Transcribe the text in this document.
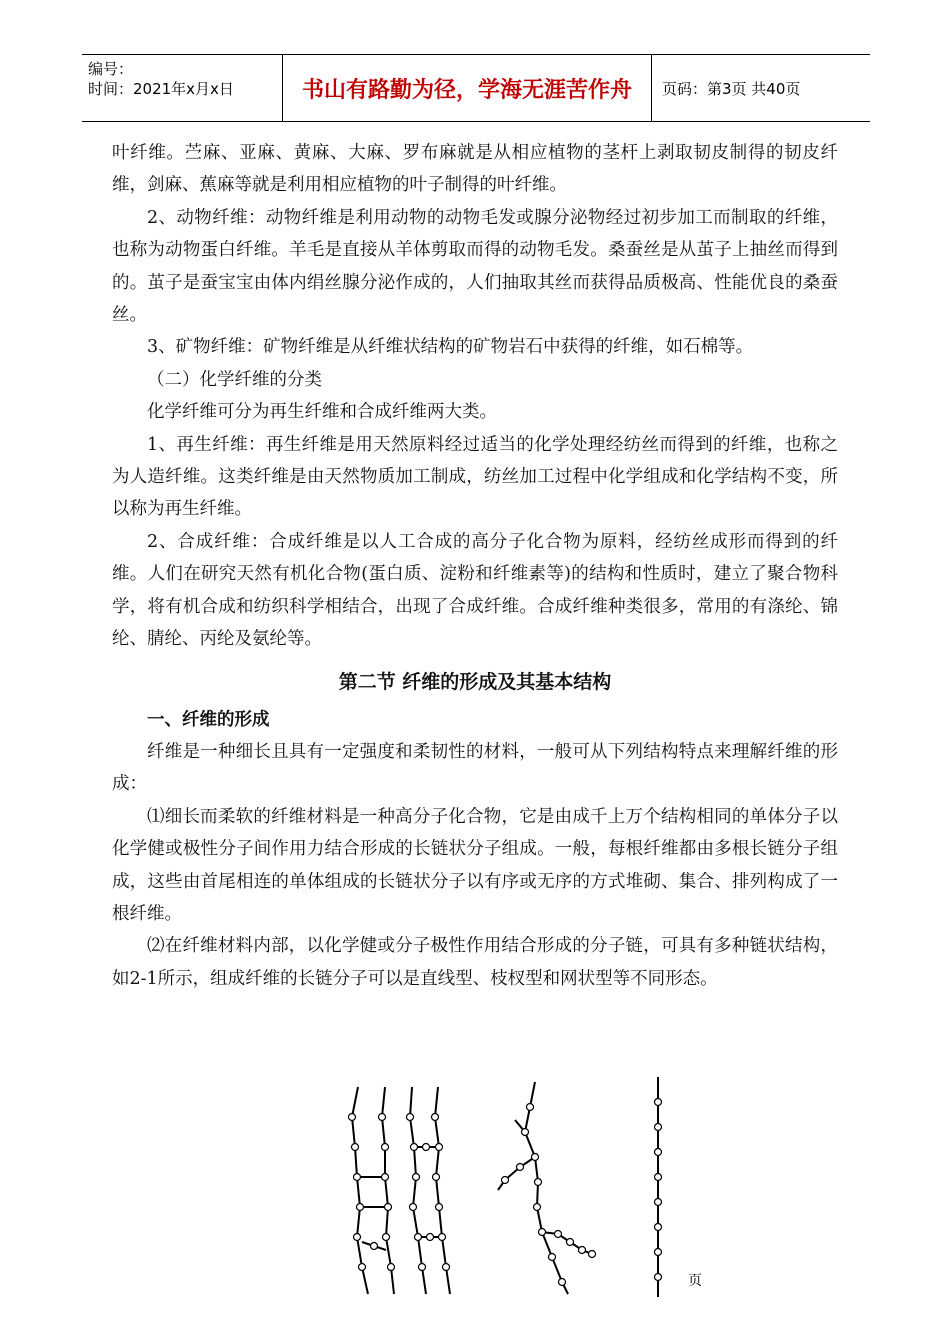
编号：
时间：2021年x月x日	书山有路勤为径，学海无涯苦作舟	页码：第3页 共40页

叶纤维。苎麻、亚麻、黄麻、大麻、罗布麻就是从相应植物的茎杆上剥取韧皮制得的韧皮纤维，剑麻、蕉麻等就是利用相应植物的叶子制得的叶纤维。

2、动物纤维：动物纤维是利用动物的动物毛发或腺分泌物经过初步加工而制取的纤维，也称为动物蛋白纤维。羊毛是直接从羊体剪取而得的动物毛发。桑蚕丝是从茧子上抽丝而得到的。茧子是蚕宝宝由体内绢丝腺分泌作成的，人们抽取其丝而获得品质极高、性能优良的桑蚕丝。

3、矿物纤维：矿物纤维是从纤维状结构的矿物岩石中获得的纤维，如石棉等。

（二）化学纤维的分类

化学纤维可分为再生纤维和合成纤维两大类。

1、再生纤维：再生纤维是用天然原料经过适当的化学处理经纺丝而得到的纤维，也称之为人造纤维。这类纤维是由天然物质加工制成，纺丝加工过程中化学组成和化学结构不变，所以称为再生纤维。

2、合成纤维：合成纤维是以人工合成的高分子化合物为原料，经纺丝成形而得到的纤维。人们在研究天然有机化合物(蛋白质、淀粉和纤维素等)的结构和性质时，建立了聚合物科学，将有机合成和纺织科学相结合，出现了合成纤维。合成纤维种类很多，常用的有涤纶、锦纶、腈纶、丙纶及氨纶等。

第二节 纤维的形成及其基本结构

一、纤维的形成

纤维是一种细长且具有一定强度和柔韧性的材料，一般可从下列结构特点来理解纤维的形成：

⑴细长而柔软的纤维材料是一种高分子化合物，它是由成千上万个结构相同的单体分子以化学健或极性分子间作用力结合形成的长链状分子组成。一般，每根纤维都由多根长链分子组成，这些由首尾相连的单体组成的长链状分子以有序或无序的方式堆砌、集合、排列构成了一根纤维。

⑵在纤维材料内部，以化学健或分子极性作用结合形成的分子链，可具有多种链状结构，如2-1所示，组成纤维的长链分子可以是直线型、枝杈型和网状型等不同形态。

页
